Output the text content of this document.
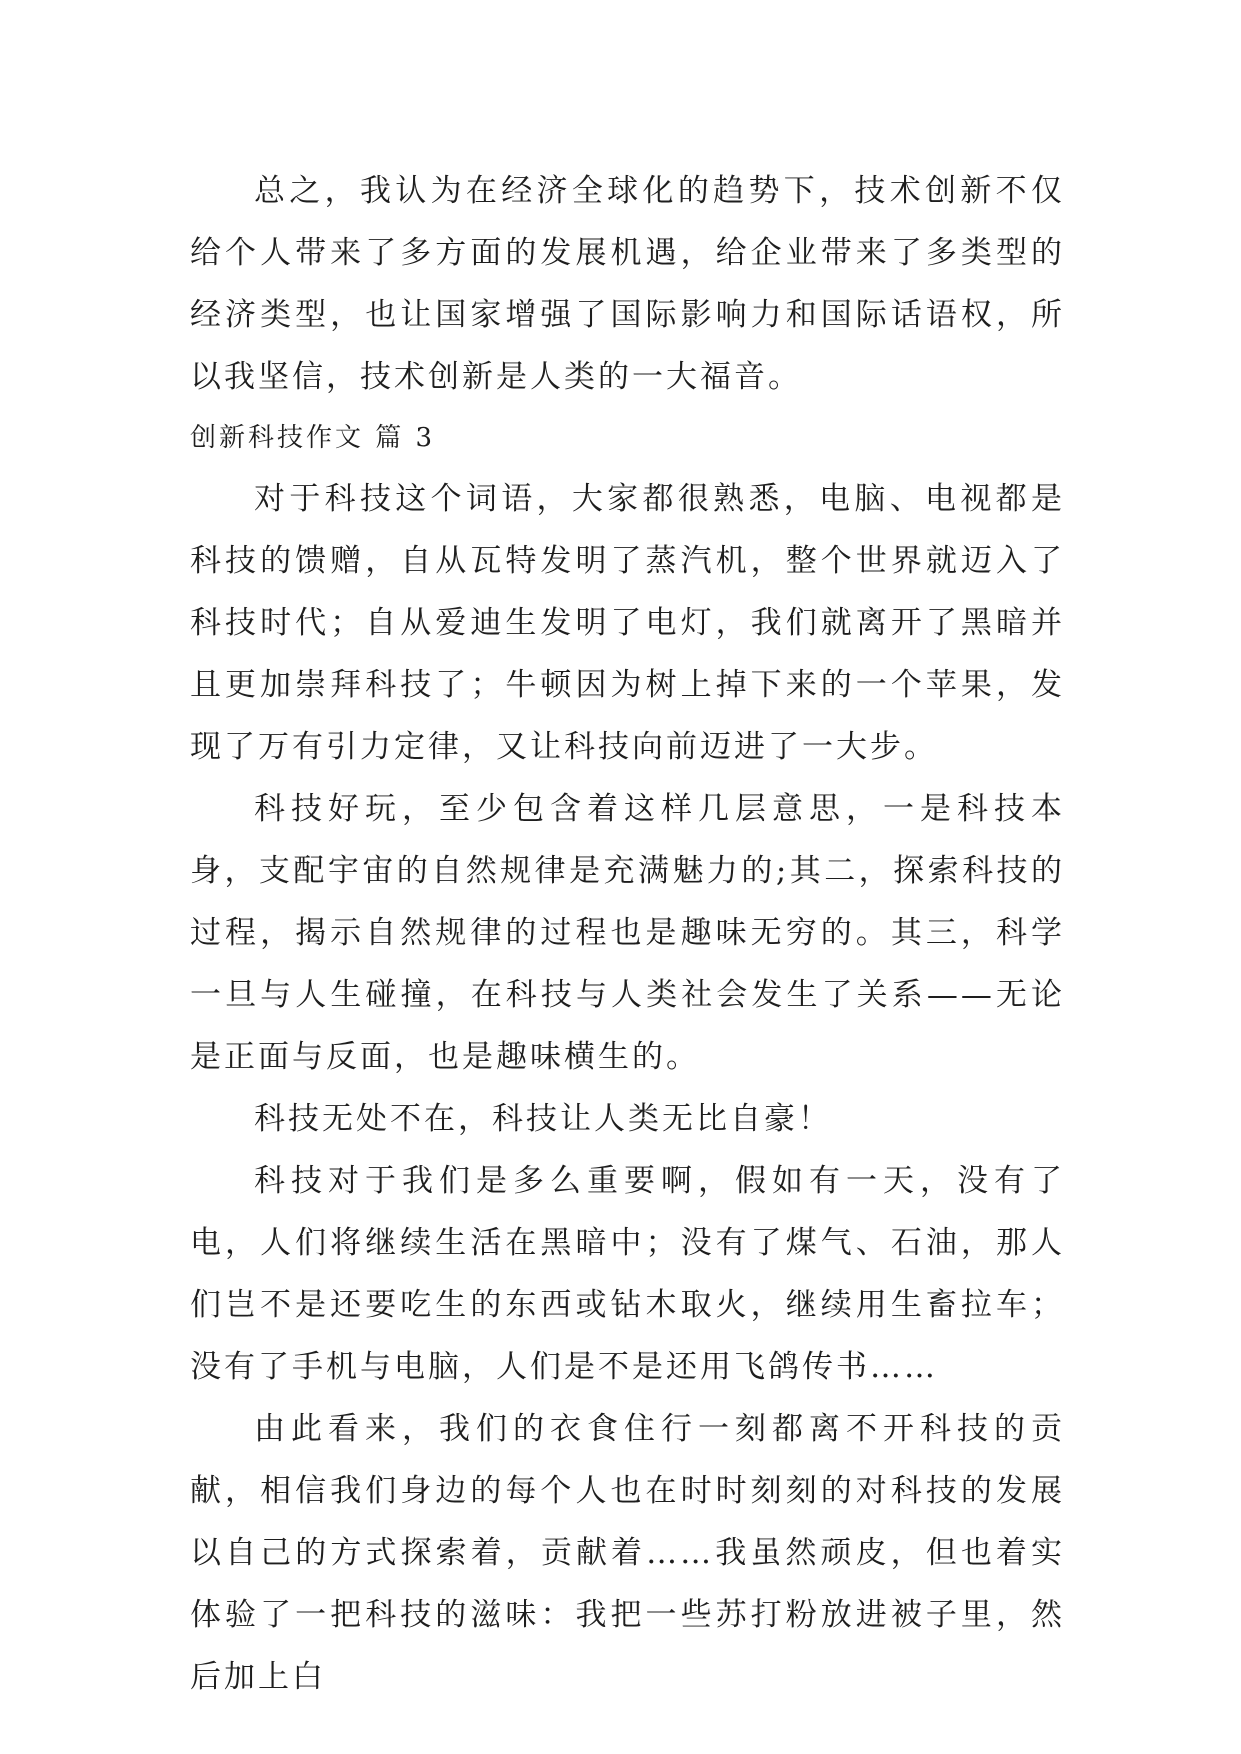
总之，我认为在经济全球化的趋势下，技术创新不仅给个人带来了多方面的发展机遇，给企业带来了多类型的经济类型，也让国家增强了国际影响力和国际话语权，所以我坚信，技术创新是人类的一大福音。

创新科技作文 篇 3

对于科技这个词语，大家都很熟悉，电脑、电视都是科技的馈赠，自从瓦特发明了蒸汽机，整个世界就迈入了科技时代；自从爱迪生发明了电灯，我们就离开了黑暗并且更加崇拜科技了；牛顿因为树上掉下来的一个苹果，发现了万有引力定律，又让科技向前迈进了一大步。

科技好玩，至少包含着这样几层意思，一是科技本身，支配宇宙的自然规律是充满魅力的;其二，探索科技的过程，揭示自然规律的过程也是趣味无穷的。其三，科学一旦与人生碰撞，在科技与人类社会发生了关系——无论是正面与反面，也是趣味横生的。

科技无处不在，科技让人类无比自豪！

科技对于我们是多么重要啊，假如有一天，没有了电，人们将继续生活在黑暗中；没有了煤气、石油，那人们岂不是还要吃生的东西或钻木取火，继续用生畜拉车；没有了手机与电脑，人们是不是还用飞鸽传书……

由此看来，我们的衣食住行一刻都离不开科技的贡献，相信我们身边的每个人也在时时刻刻的对科技的发展以自己的方式探索着，贡献着……我虽然顽皮，但也着实体验了一把科技的滋味：我把一些苏打粉放进被子里，然后加上白
